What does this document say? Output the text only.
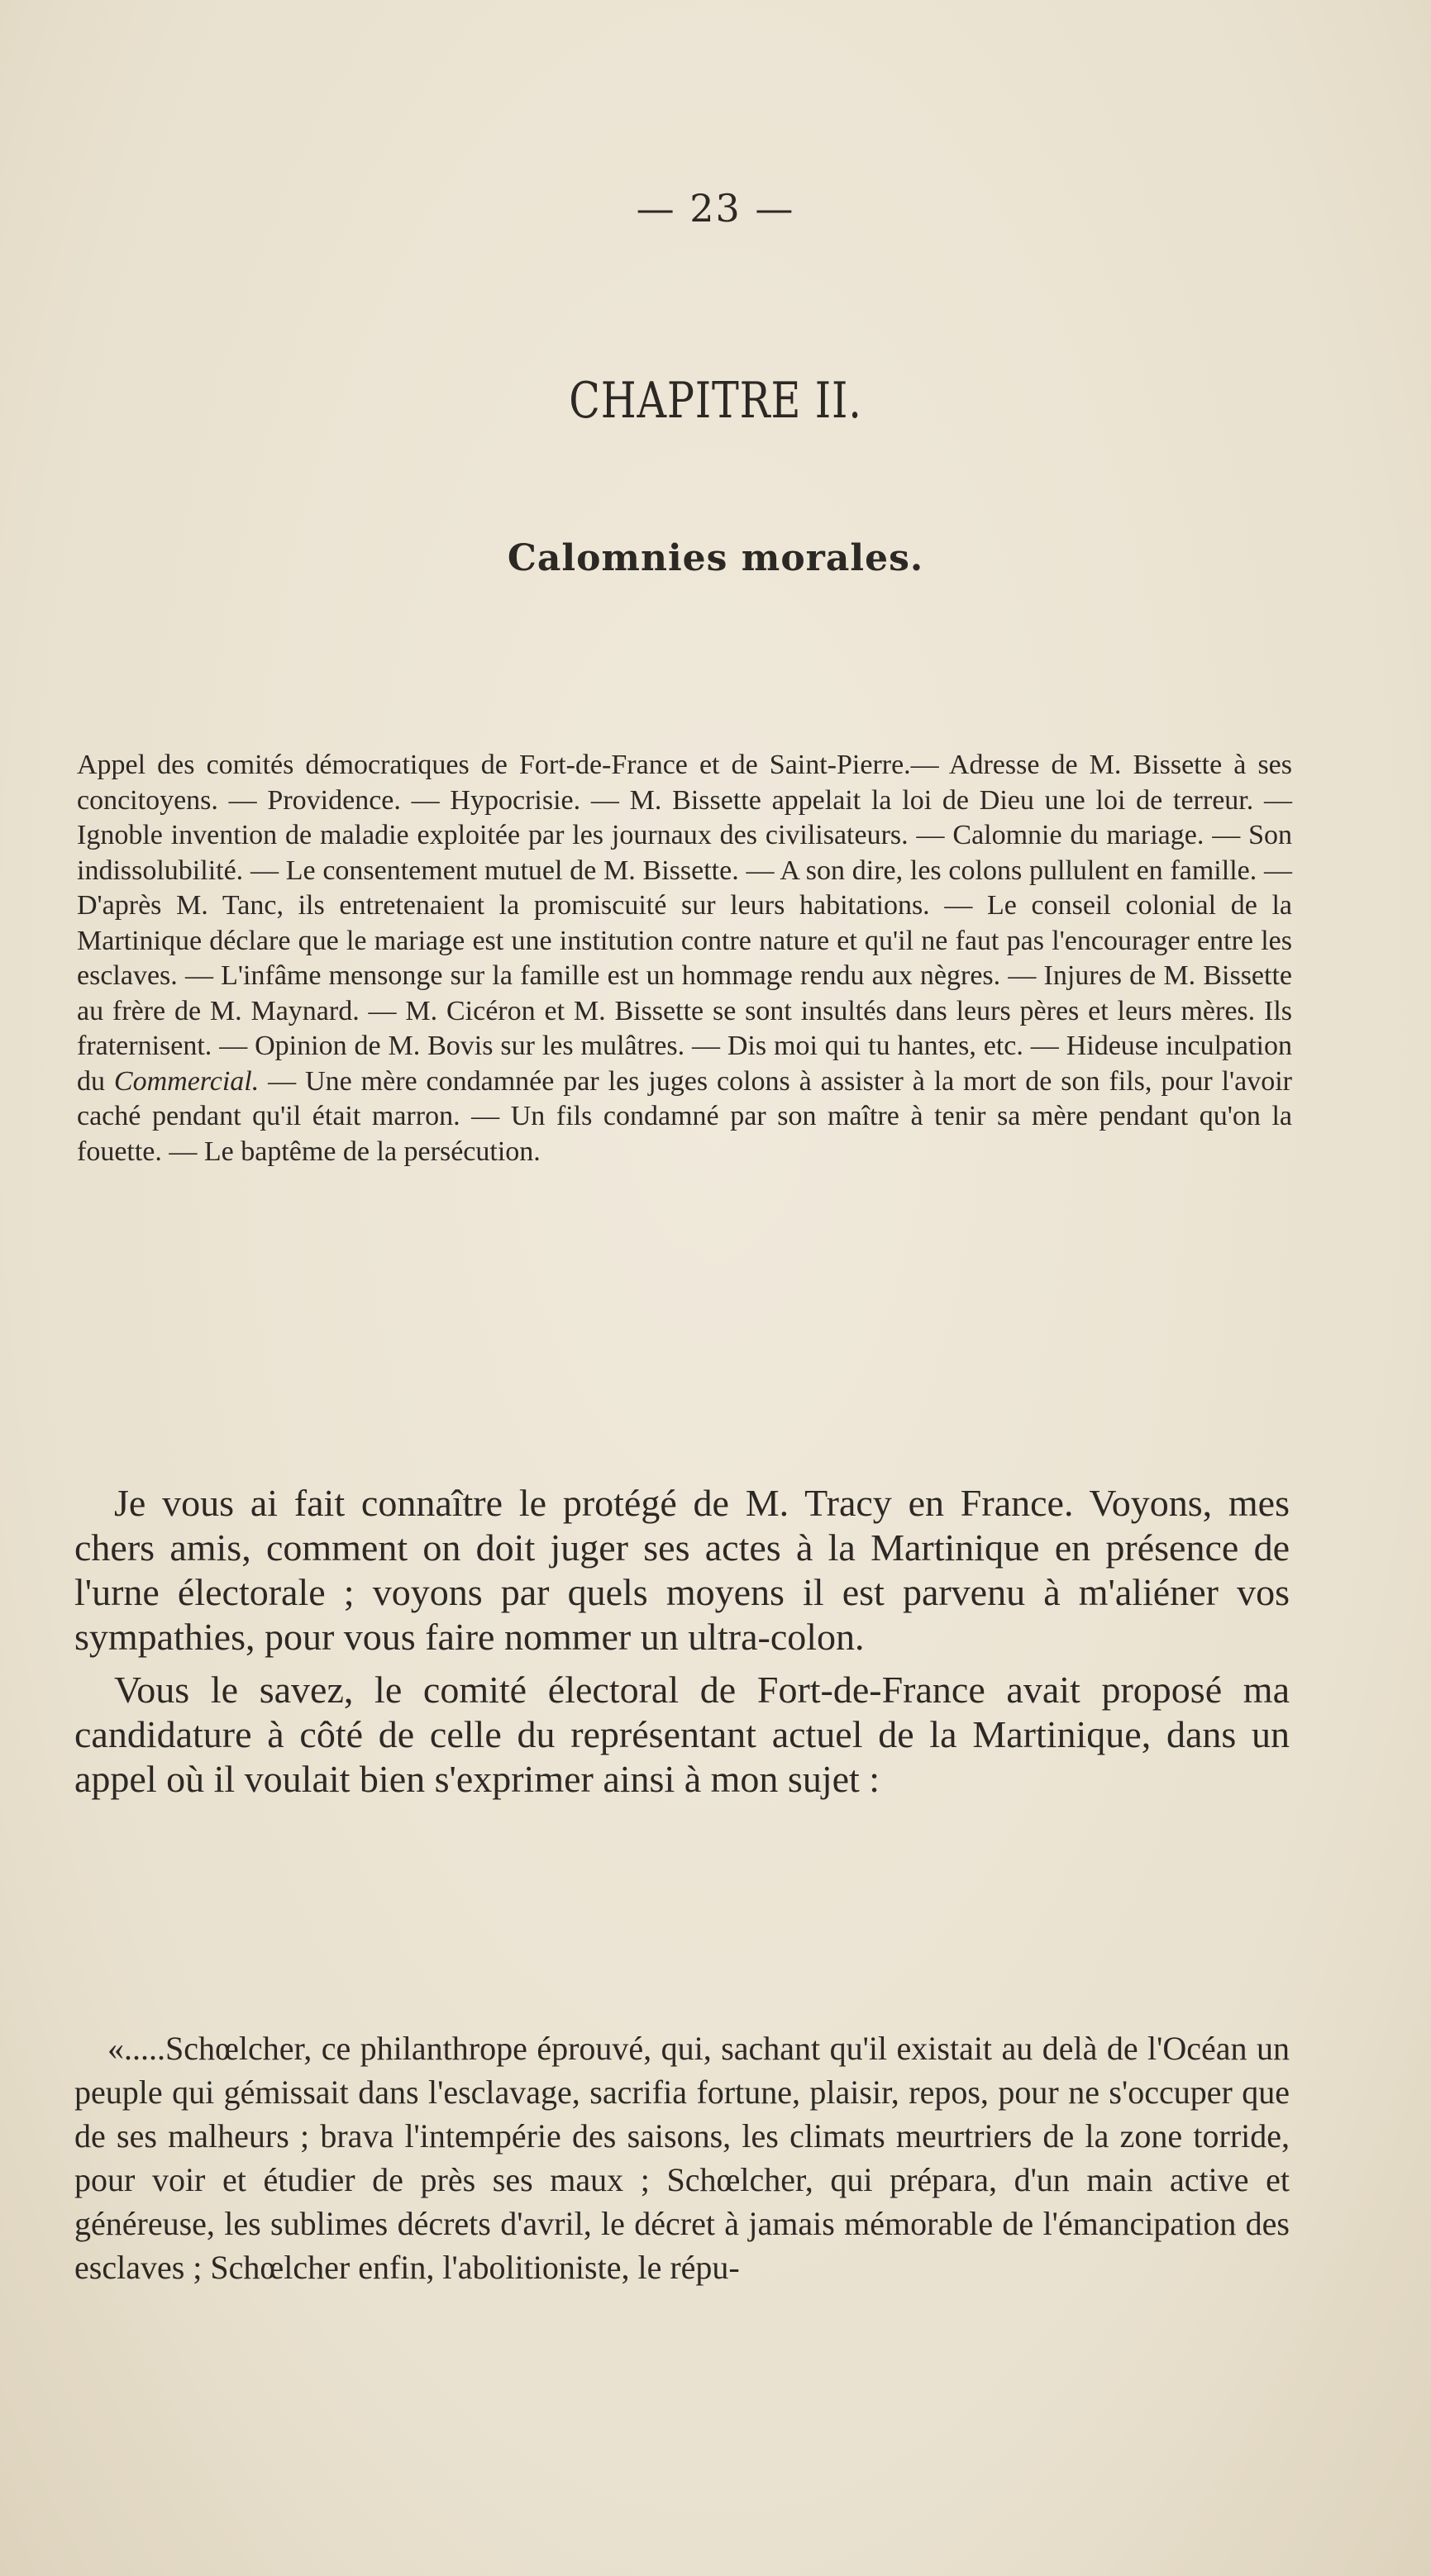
— 23 —
CHAPITRE II.
Calomnies morales.

Appel des comités démocratiques de Fort-de-France et de Saint-Pierre.— Adresse de M. Bissette à ses concitoyens. — Providence. — Hypocrisie. — M. Bissette appelait la loi de Dieu une loi de terreur. — Ignoble invention de maladie exploitée par les journaux des civilisateurs. — Calomnie du mariage. — Son indissolubilité. — Le consentement mutuel de M. Bissette. — A son dire, les colons pullulent en famille. — D'après M. Tanc, ils entretenaient la promiscuité sur leurs habitations. — Le conseil colonial de la Martinique déclare que le mariage est une institution contre nature et qu'il ne faut pas l'encourager entre les esclaves. — L'infâme mensonge sur la famille est un hommage rendu aux nègres. — Injures de M. Bissette au frère de M. Maynard. — M. Cicéron et M. Bissette se sont insultés dans leurs pères et leurs mères. Ils fraternisent. — Opinion de M. Bovis sur les mulâtres. — Dis moi qui tu hantes, etc. — Hideuse inculpation du Commercial. — Une mère condamnée par les juges colons à assister à la mort de son fils, pour l'avoir caché pendant qu'il était marron. — Un fils condamné par son maître à tenir sa mère pendant qu'on la fouette. — Le baptême de la persécution.

Je vous ai fait connaître le protégé de M. Tracy en France. Voyons, mes chers amis, comment on doit juger ses actes à la Martinique en présence de l'urne électorale ; voyons par quels moyens il est parvenu à m'aliéner vos sympathies, pour vous faire nommer un ultra-colon.

Vous le savez, le comité électoral de Fort-de-France avait proposé ma candidature à côté de celle du représentant actuel de la Martinique, dans un appel où il voulait bien s'exprimer ainsi à mon sujet :

«.....Schœlcher, ce philanthrope éprouvé, qui, sachant qu'il existait au delà de l'Océan un peuple qui gémissait dans l'esclavage, sacrifia fortune, plaisir, repos, pour ne s'occuper que de ses malheurs ; brava l'intempérie des saisons, les climats meurtriers de la zone torride, pour voir et étudier de près ses maux ; Schœlcher, qui prépara, d'un main active et généreuse, les sublimes décrets d'avril, le décret à jamais mémorable de l'émancipation des esclaves ; Schœlcher enfin, l'abolitioniste, le répu-
